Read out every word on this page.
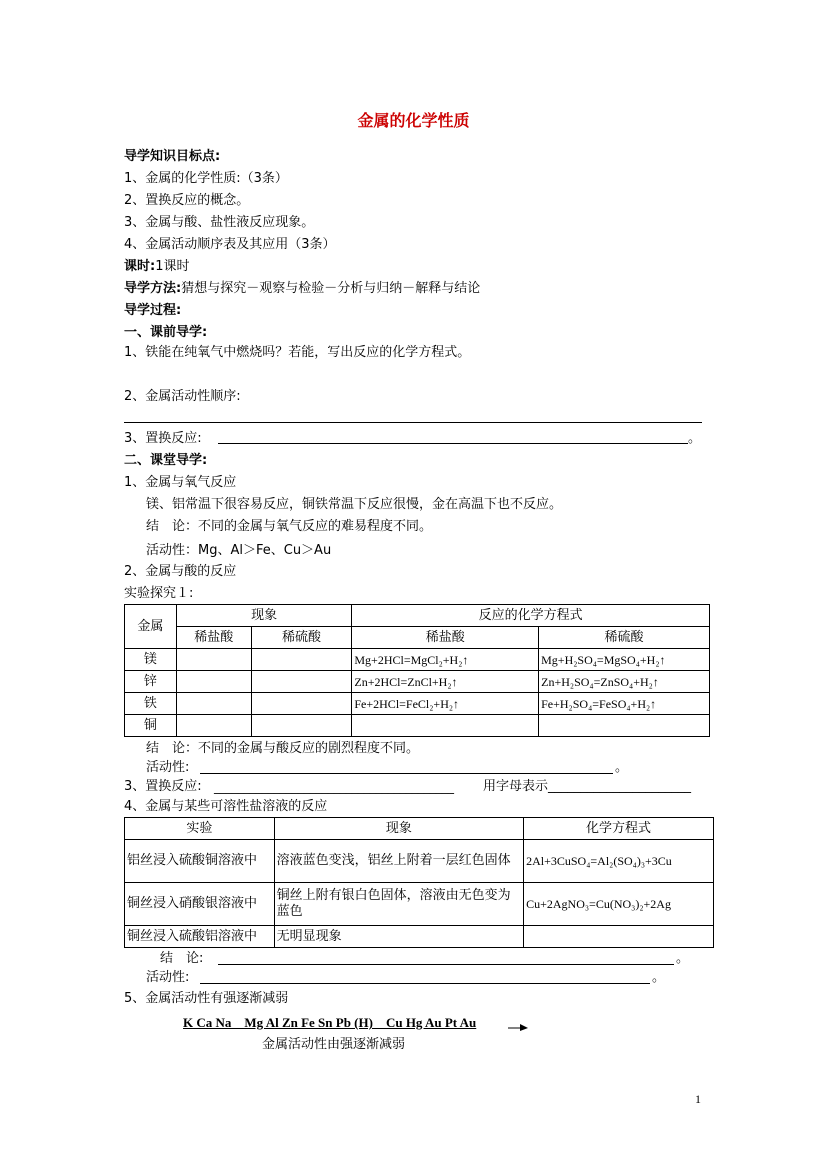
金属的化学性质
导学知识目标点:
1、金属的化学性质:（3条）
2、置换反应的概念。
3、金属与酸、盐性液反应现象。
4、金属活动顺序表及其应用（3条）
课时:1课时
导学方法:猜想与探究－观察与检验－分析与归纳－解释与结论
导学过程:
一、课前导学:
1、铁能在纯氧气中燃烧吗？若能，写出反应的化学方程式。
2、金属活动性顺序:
3、置换反应:	。
二、课堂导学:
1、金属与氧气反应
镁、铝常温下很容易反应，铜铁常温下反应很慢，金在高温下也不反应。
结　论：不同的金属与氧气反应的难易程度不同。
活动性：Mg、Al＞Fe、Cu＞Au
2、金属与酸的反应
实验探究１:
金属	现象		反应的化学方程式	
	稀盐酸	稀硫酸	稀盐酸	稀硫酸
镁			Mg+2HCl=MgCl₂+H₂↑	Mg+H₂SO₄=MgSO₄+H₂↑
锌			Zn+2HCl=ZnCl+H₂↑	Zn+H₂SO₄=ZnSO₄+H₂↑
铁			Fe+2HCl=FeCl₂+H₂↑	Fe+H₂SO₄=FeSO₄+H₂↑
铜				
结　论：不同的金属与酸反应的剧烈程度不同。
活动性:	。
3、置换反应: ________________________________________ 用字母表示______________________
4、金属与某些可溶性盐溶液的反应
实验	现象	化学方程式
铝丝浸入硫酸铜溶液中	溶液蓝色变浅，铝丝上附着一层红色固体	2Al+3CuSO₄=Al₂(SO₄)₃+3Cu
铜丝浸入硝酸银溶液中	铜丝上附有银白色固体，溶液由无色变为蓝色	Cu+2AgNO₃=Cu(NO₃)₂+2Ag
铜丝浸入硫酸铝溶液中	无明显现象	
结　论:	。
活动性:	。
5、金属活动性有强逐渐减弱
K Ca Na　Mg Al Zn Fe Sn Pb (H)　Cu Hg Au Pt Au
金属活动性由强逐渐减弱
1
